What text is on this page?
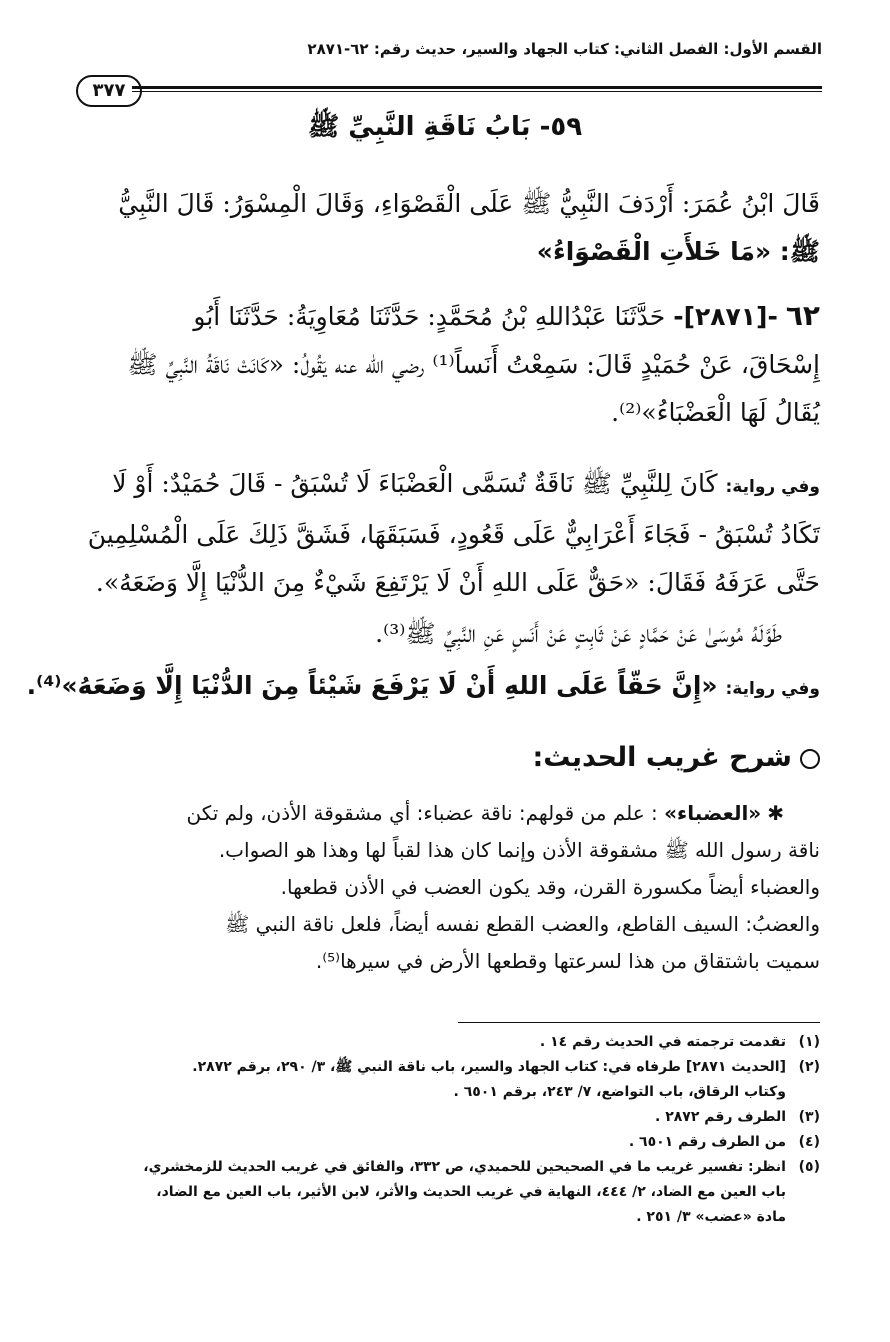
القسم الأول: الفصل الثاني: كتاب الجهاد والسير، حديث رقم: ٦٢-٢٨٧١
٣٧٧
٥٩- بَابُ نَاقَةِ النَّبِيِّ ﷺ
قَالَ ابْنُ عُمَرَ: أَرْدَفَ النَّبِيُّ ﷺ عَلَى الْقَصْوَاءِ، وَقَالَ الْمِسْوَرُ: قَالَ النَّبِيُّ
ﷺ: «مَا خَلأَتِ الْقَصْوَاءُ»
٦٢ -[٢٨٧١]- حَدَّثَنَا عَبْدُاللهِ بْنُ مُحَمَّدٍ: حَدَّثَنَا مُعَاوِيَةُ: حَدَّثَنَا أَبُو
إِسْحَاقَ، عَنْ حُمَيْدٍ قَالَ: سَمِعْتُ أَنَساً⁽¹⁾ رضي الله عنه يَقُولُ: «كَانَتْ نَاقَةُ النَّبِيِّ ﷺ
يُقَالُ لَهَا الْعَضْبَاءُ»⁽²⁾.
وفي رواية: كَانَ لِلنَّبِيِّ ﷺ نَاقَةٌ تُسَمَّى الْعَضْبَاءَ لَا تُسْبَقُ - قَالَ حُمَيْدٌ: أَوْ لَا
تَكَادُ تُسْبَقُ - فَجَاءَ أَعْرَابِيٌّ عَلَى قَعُودٍ، فَسَبَقَهَا، فَشَقَّ ذَلِكَ عَلَى الْمُسْلِمِينَ
حَتَّى عَرَفَهُ فَقَالَ: «حَقٌّ عَلَى اللهِ أَنْ لَا يَرْتَفِعَ شَيْءٌ مِنَ الدُّنْيَا إِلَّا وَضَعَهُ».
طَوَّلَهُ مُوسَىٰ عَنْ حَمَّادٍ عَنْ ثَابِتٍ عَنْ أَنَسٍ عَنِ النَّبِيِّ ﷺ⁽³⁾.
وفي رواية: «إِنَّ حَقّاً عَلَى اللهِ أَنْ لَا يَرْفَعَ شَيْئاً مِنَ الدُّنْيَا إِلَّا وَضَعَهُ»⁽⁴⁾.
شرح غريب الحديث:
✱«العضباء» : علم من قولهم: ناقة عضباء: أي مشقوقة الأذن، ولم تكن
ناقة رسول الله ﷺ مشقوقة الأذن وإنما كان هذا لقباً لها وهذا هو الصواب.
والعضباء أيضاً مكسورة القرن، وقد يكون العضب في الأذن قطعها.
والعضبُ: السيف القاطع، والعضب القطع نفسه أيضاً، فلعل ناقة النبي ﷺ
سميت باشتقاق من هذا لسرعتها وقطعها الأرض في سيرها⁽⁵⁾.
(١)تقدمت ترجمته في الحديث رقم ١٤ .
(٢)[الحديث ٢٨٧١] طرفاه في: كتاب الجهاد والسير، باب ناقة النبي ﷺ، ٣/ ٢٩٠، برقم ٢٨٧٢.
وكتاب الرقاق، باب التواضع، ٧/ ٢٤٣، برقم ٦٥٠١ .
(٣)الطرف رقم ٢٨٧٢ .
(٤)من الطرف رقم ٦٥٠١ .
(٥)انظر: تفسير غريب ما في الصحيحين للحميدي، ص ٣٣٢، والفائق في غريب الحديث للزمخشري،
باب العين مع الضاد، ٢/ ٤٤٤، النهاية في غريب الحديث والأثر، لابن الأثير، باب العين مع الضاد،
مادة «عضب» ٣/ ٢٥١ .
